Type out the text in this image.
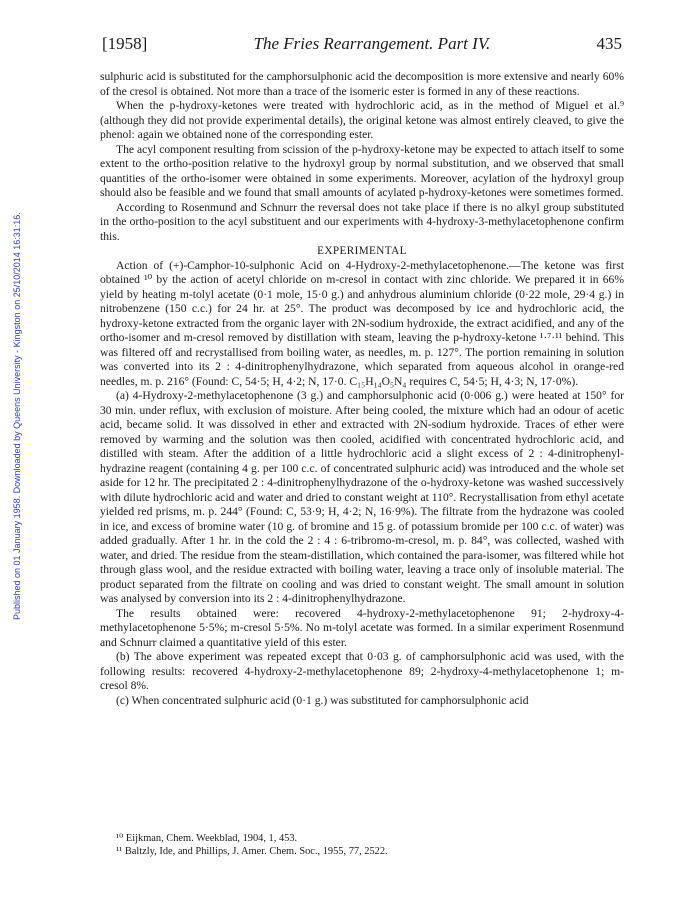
Published on 01 January 1958. Downloaded by Queens University - Kingston on 25/10/2014 16:31:16.
[1958]	The Fries Rearrangement. Part IV.	435

sulphuric acid is substituted for the camphorsulphonic acid the decomposition is more extensive and nearly 60% of the cresol is obtained. Not more than a trace of the isomeric ester is formed in any of these reactions.

When the p-hydroxy-ketones were treated with hydrochloric acid, as in the method of Miguel et al.⁹ (although they did not provide experimental details), the original ketone was almost entirely cleaved, to give the phenol: again we obtained none of the corresponding ester.

The acyl component resulting from scission of the p-hydroxy-ketone may be expected to attach itself to some extent to the ortho-position relative to the hydroxyl group by normal substitution, and we observed that small quantities of the ortho-isomer were obtained in some experiments. Moreover, acylation of the hydroxyl group should also be feasible and we found that small amounts of acylated p-hydroxy-ketones were sometimes formed.

According to Rosenmund and Schnurr the reversal does not take place if there is no alkyl group substituted in the ortho-position to the acyl substituent and our experiments with 4-hydroxy-3-methylacetophenone confirm this.

EXPERIMENTAL

Action of (+)-Camphor-10-sulphonic Acid on 4-Hydroxy-2-methylacetophenone.—The ketone was first obtained ¹⁰ by the action of acetyl chloride on m-cresol in contact with zinc chloride. We prepared it in 66% yield by heating m-tolyl acetate (0·1 mole, 15·0 g.) and anhydrous aluminium chloride (0·22 mole, 29·4 g.) in nitrobenzene (150 c.c.) for 24 hr. at 25°. The product was decomposed by ice and hydrochloric acid, the hydroxy-ketone extracted from the organic layer with 2N-sodium hydroxide, the extract acidified, and any of the ortho-isomer and m-cresol removed by distillation with steam, leaving the p-hydroxy-ketone ¹·⁷·¹¹ behind. This was filtered off and recrystallised from boiling water, as needles, m. p. 127°. The portion remaining in solution was converted into its 2 : 4-dinitrophenylhydrazone, which separated from aqueous alcohol in orange-red needles, m. p. 216° (Found: C, 54·5; H, 4·2; N, 17·0. C₁₅H₁₄O₅N₄ requires C, 54·5; H, 4·3; N, 17·0%).

(a) 4-Hydroxy-2-methylacetophenone (3 g.) and camphorsulphonic acid (0·006 g.) were heated at 150° for 30 min. under reflux, with exclusion of moisture. After being cooled, the mixture which had an odour of acetic acid, became solid. It was dissolved in ether and extracted with 2N-sodium hydroxide. Traces of ether were removed by warming and the solution was then cooled, acidified with concentrated hydrochloric acid, and distilled with steam. After the addition of a little hydrochloric acid a slight excess of 2 : 4-dinitrophenyl-hydrazine reagent (containing 4 g. per 100 c.c. of concentrated sulphuric acid) was introduced and the whole set aside for 12 hr. The precipitated 2 : 4-dinitrophenylhydrazone of the o-hydroxy-ketone was washed successively with dilute hydrochloric acid and water and dried to constant weight at 110°. Recrystallisation from ethyl acetate yielded red prisms, m. p. 244° (Found: C, 53·9; H, 4·2; N, 16·9%). The filtrate from the hydrazone was cooled in ice, and excess of bromine water (10 g. of bromine and 15 g. of potassium bromide per 100 c.c. of water) was added gradually. After 1 hr. in the cold the 2 : 4 : 6-tribromo-m-cresol, m. p. 84°, was collected, washed with water, and dried. The residue from the steam-distillation, which contained the para-isomer, was filtered while hot through glass wool, and the residue extracted with boiling water, leaving a trace only of insoluble material. The product separated from the filtrate on cooling and was dried to constant weight. The small amount in solution was analysed by conversion into its 2 : 4-dinitrophenylhydrazone.

The results obtained were: recovered 4-hydroxy-2-methylacetophenone 91; 2-hydroxy-4-methylacetophenone 5·5%; m-cresol 5·5%. No m-tolyl acetate was formed. In a similar experiment Rosenmund and Schnurr claimed a quantitative yield of this ester.

(b) The above experiment was repeated except that 0·03 g. of camphorsulphonic acid was used, with the following results: recovered 4-hydroxy-2-methylacetophenone 89; 2-hydroxy-4-methylacetophenone 1; m-cresol 8%.

(c) When concentrated sulphuric acid (0·1 g.) was substituted for camphorsulphonic acid

¹⁰ Eijkman, Chem. Weekblad, 1904, 1, 453.

¹¹ Baltzly, Ide, and Phillips, J. Amer. Chem. Soc., 1955, 77, 2522.
